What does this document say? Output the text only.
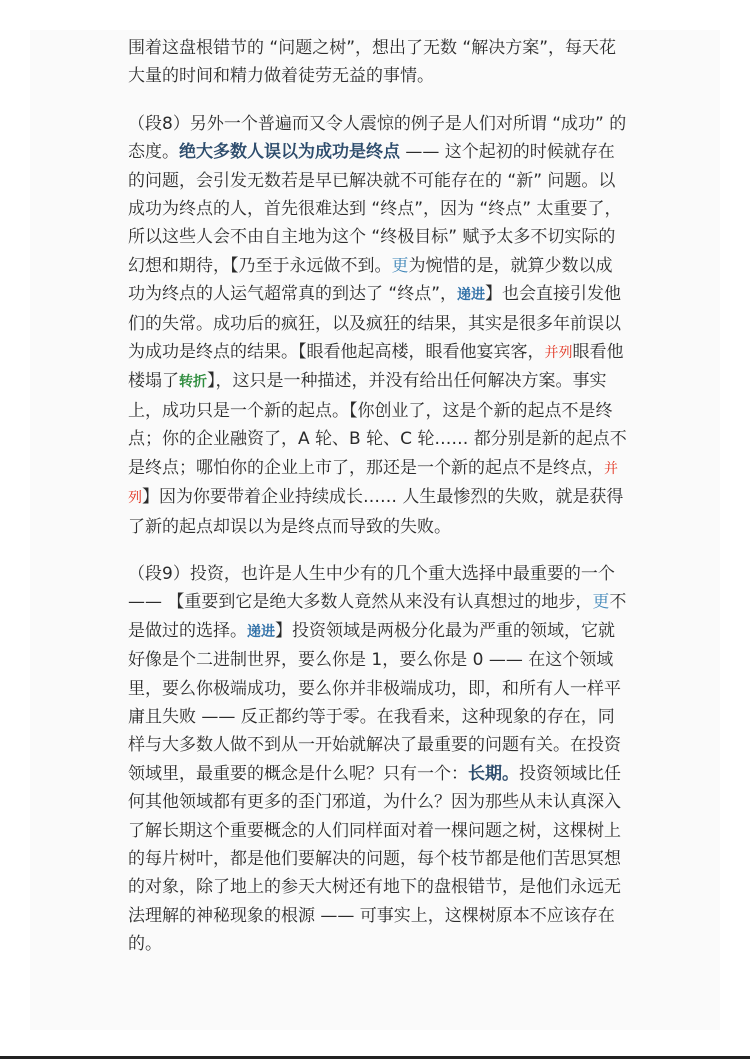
围着这盘根错节的 “问题之树”，想出了无数 “解决方案”，每天花大量的时间和精力做着徒劳无益的事情。

（段8）另外一个普遍而又令人震惊的例子是人们对所谓 “成功” 的态度。绝大多数人误以为成功是终点 —— 这个起初的时候就存在的问题，会引发无数若是早已解决就不可能存在的 “新” 问题。以成功为终点的人，首先很难达到 “终点”，因为 “终点” 太重要了，所以这些人会不由自主地为这个 “终极目标” 赋予太多不切实际的幻想和期待，【乃至于永远做不到。更为惋惜的是，就算少数以成功为终点的人运气超常真的到达了 “终点”，递进】也会直接引发他们的失常。成功后的疯狂，以及疯狂的结果，其实是很多年前误以为成功是终点的结果。【眼看他起高楼，眼看他宴宾客，并列眼看他楼塌了转折】，这只是一种描述，并没有给出任何解决方案。事实上，成功只是一个新的起点。【你创业了，这是个新的起点不是终点；你的企业融资了，A 轮、B 轮、C 轮…… 都分别是新的起点不是终点；哪怕你的企业上市了，那还是一个新的起点不是终点，并列】因为你要带着企业持续成长…… 人生最惨烈的失败，就是获得了新的起点却误以为是终点而导致的失败。

（段9）投资，也许是人生中少有的几个重大选择中最重要的一个 —— 【重要到它是绝大多数人竟然从来没有认真想过的地步，更不是做过的选择。递进】投资领域是两极分化最为严重的领域，它就好像是个二进制世界，要么你是 1，要么你是 0 —— 在这个领域里，要么你极端成功，要么你并非极端成功，即，和所有人一样平庸且失败 —— 反正都约等于零。在我看来，这种现象的存在，同样与大多数人做不到从一开始就解决了最重要的问题有关。在投资领域里，最重要的概念是什么呢？只有一个：长期。投资领域比任何其他领域都有更多的歪门邪道，为什么？因为那些从未认真深入了解长期这个重要概念的人们同样面对着一棵问题之树，这棵树上的每片树叶，都是他们要解决的问题，每个枝节都是他们苦思冥想的对象，除了地上的参天大树还有地下的盘根错节，是他们永远无法理解的神秘现象的根源 —— 可事实上，这棵树原本不应该存在的。
